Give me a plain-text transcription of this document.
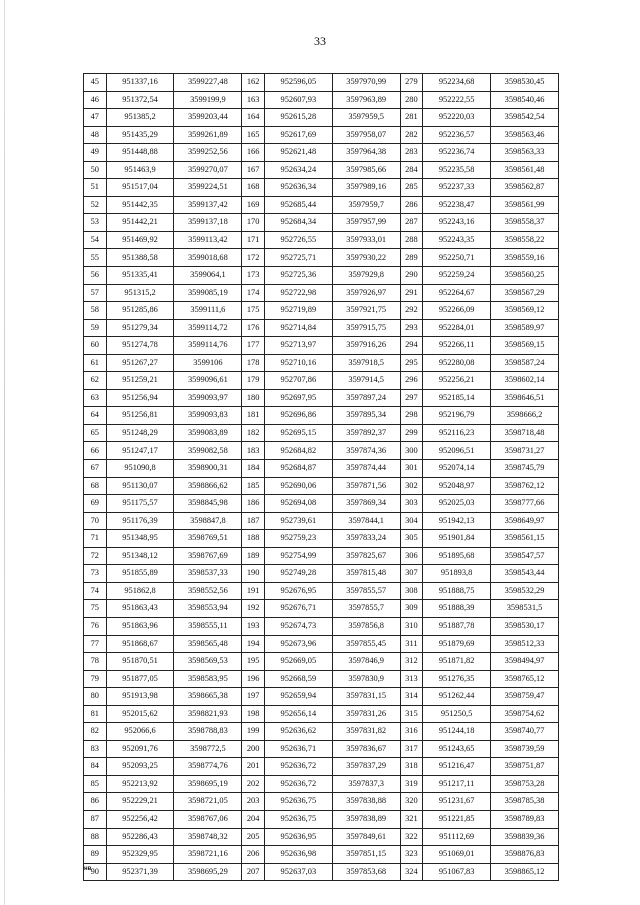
33
45	951337,16	3599227,48	162	952596,05	3597970,99	279	952234,68	3598530,45
46	951372,54	3599199,9	163	952607,93	3597963,89	280	952222,55	3598540,46
47	951385,2	3599203,44	164	952615,28	3597959,5	281	952220,03	3598542,54
48	951435,29	3599261,89	165	952617,69	3597958,07	282	952236,57	3598563,46
49	951448,88	3599252,56	166	952621,48	3597964,38	283	952236,74	3598563,33
50	951463,9	3599270,07	167	952634,24	3597985,66	284	952235,58	3598561,48
51	951517,04	3599224,51	168	952636,34	3597989,16	285	952237,33	3598562,87
52	951442,35	3599137,42	169	952685,44	3597959,7	286	952238,47	3598561,99
53	951442,21	3599137,18	170	952684,34	3597957,99	287	952243,16	3598558,37
54	951469,92	3599113,42	171	952726,55	3597933,01	288	952243,35	3598558,22
55	951388,58	3599018,68	172	952725,71	3597930,22	289	952250,71	3598559,16
56	951335,41	3599064,1	173	952725,36	3597929,8	290	952259,24	3598560,25
57	951315,2	3599085,19	174	952722,98	3597926,97	291	952264,67	3598567,29
58	951285,86	3599111,6	175	952719,89	3597921,75	292	952266,09	3598569,12
59	951279,34	3599114,72	176	952714,84	3597915,75	293	952284,01	3598589,97
60	951274,78	3599114,76	177	952713,97	3597916,26	294	952266,11	3598569,15
61	951267,27	3599106	178	952710,16	3597918,5	295	952280,08	3598587,24
62	951259,21	3599096,61	179	952707,86	3597914,5	296	952256,21	3598602,14
63	951256,94	3599093,97	180	952697,95	3597897,24	297	952185,14	3598646,51
64	951256,81	3599093,83	181	952696,86	3597895,34	298	952196,79	3598666,2
65	951248,29	3599083,89	182	952695,15	3597892,37	299	952116,23	3598718,48
66	951247,17	3599082,58	183	952684,82	3597874,36	300	952096,51	3598731,27
67	951090,8	3598900,31	184	952684,87	3597874,44	301	952074,14	3598745,79
68	951130,07	3598866,62	185	952690,06	3597871,56	302	952048,97	3598762,12
69	951175,57	3598845,98	186	952694,08	3597869,34	303	952025,03	3598777,66
70	951176,39	3598847,8	187	952739,61	3597844,1	304	951942,13	3598649,97
71	951348,95	3598769,51	188	952759,23	3597833,24	305	951901,84	3598561,15
72	951348,12	3598767,69	189	952754,99	3597825,67	306	951895,68	3598547,57
73	951855,89	3598537,33	190	952749,28	3597815,48	307	951893,8	3598543,44
74	951862,8	3598552,56	191	952676,95	3597855,57	308	951888,75	3598532,29
75	951863,43	3598553,94	192	952676,71	3597855,7	309	951888,39	3598531,5
76	951863,96	3598555,11	193	952674,73	3597856,8	310	951887,78	3598530,17
77	951868,67	3598565,48	194	952673,96	3597855,45	311	951879,69	3598512,33
78	951870,51	3598569,53	195	952669,05	3597846,9	312	951871,82	3598494,97
79	951877,05	3598583,95	196	952668,59	3597830,9	313	951276,35	3598765,12
80	951913,98	3598665,38	197	952659,94	3597831,15	314	951262,44	3598759,47
81	952015,62	3598821,93	198	952656,14	3597831,26	315	951250,5	3598754,62
82	952066,6	3598788,83	199	952636,62	3597831,82	316	951244,18	3598740,77
83	952091,76	3598772,5	200	952636,71	3597836,67	317	951243,65	3598739,59
84	952093,25	3598774,76	201	952636,72	3597837,29	318	951216,47	3598751,87
85	952213,92	3598695,19	202	952636,72	3597837,3	319	951217,11	3598753,28
86	952229,21	3598721,05	203	952636,75	3597838,88	320	951231,67	3598785,38
87	952256,42	3598767,06	204	952636,75	3597838,89	321	951221,85	3598789,83
88	952286,43	3598748,32	205	952636,95	3597849,61	322	951112,69	3598839,36
89	952329,95	3598721,16	206	952636,98	3597851,15	323	951069,01	3598876,83
90	952371,39	3598695,29	207	952637,03	3597853,68	324	951067,83	3598865,12
нв
